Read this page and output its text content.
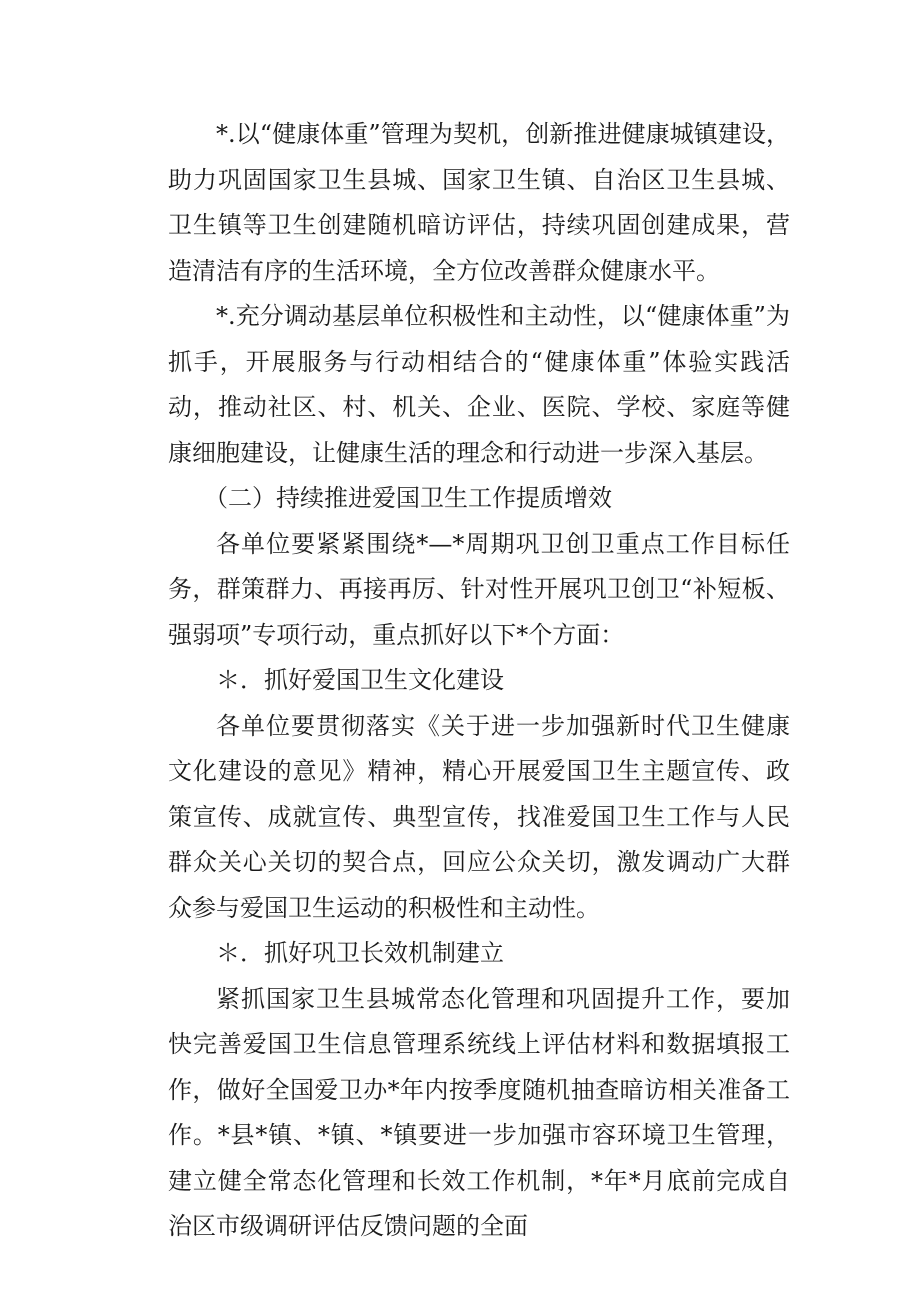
*.以“健康体重”管理为契机，创新推进健康城镇建设，助力巩固国家卫生县城、国家卫生镇、自治区卫生县城、卫生镇等卫生创建随机暗访评估，持续巩固创建成果，营造清洁有序的生活环境，全方位改善群众健康水平。

*.充分调动基层单位积极性和主动性，以“健康体重”为抓手，开展服务与行动相结合的“健康体重”体验实践活动，推动社区、村、机关、企业、医院、学校、家庭等健康细胞建设，让健康生活的理念和行动进一步深入基层。

（二）持续推进爱国卫生工作提质增效

各单位要紧紧围绕*—*周期巩卫创卫重点工作目标任务，群策群力、再接再厉、针对性开展巩卫创卫“补短板、强弱项”专项行动，重点抓好以下*个方面：

＊．抓好爱国卫生文化建设

各单位要贯彻落实《关于进一步加强新时代卫生健康文化建设的意见》精神，精心开展爱国卫生主题宣传、政策宣传、成就宣传、典型宣传，找准爱国卫生工作与人民群众关心关切的契合点，回应公众关切，激发调动广大群众参与爱国卫生运动的积极性和主动性。

＊．抓好巩卫长效机制建立

紧抓国家卫生县城常态化管理和巩固提升工作，要加快完善爱国卫生信息管理系统线上评估材料和数据填报工作，做好全国爱卫办*年内按季度随机抽查暗访相关准备工作。*县*镇、*镇、*镇要进一步加强市容环境卫生管理，建立健全常态化管理和长效工作机制，*年*月底前完成自治区市级调研评估反馈问题的全面
